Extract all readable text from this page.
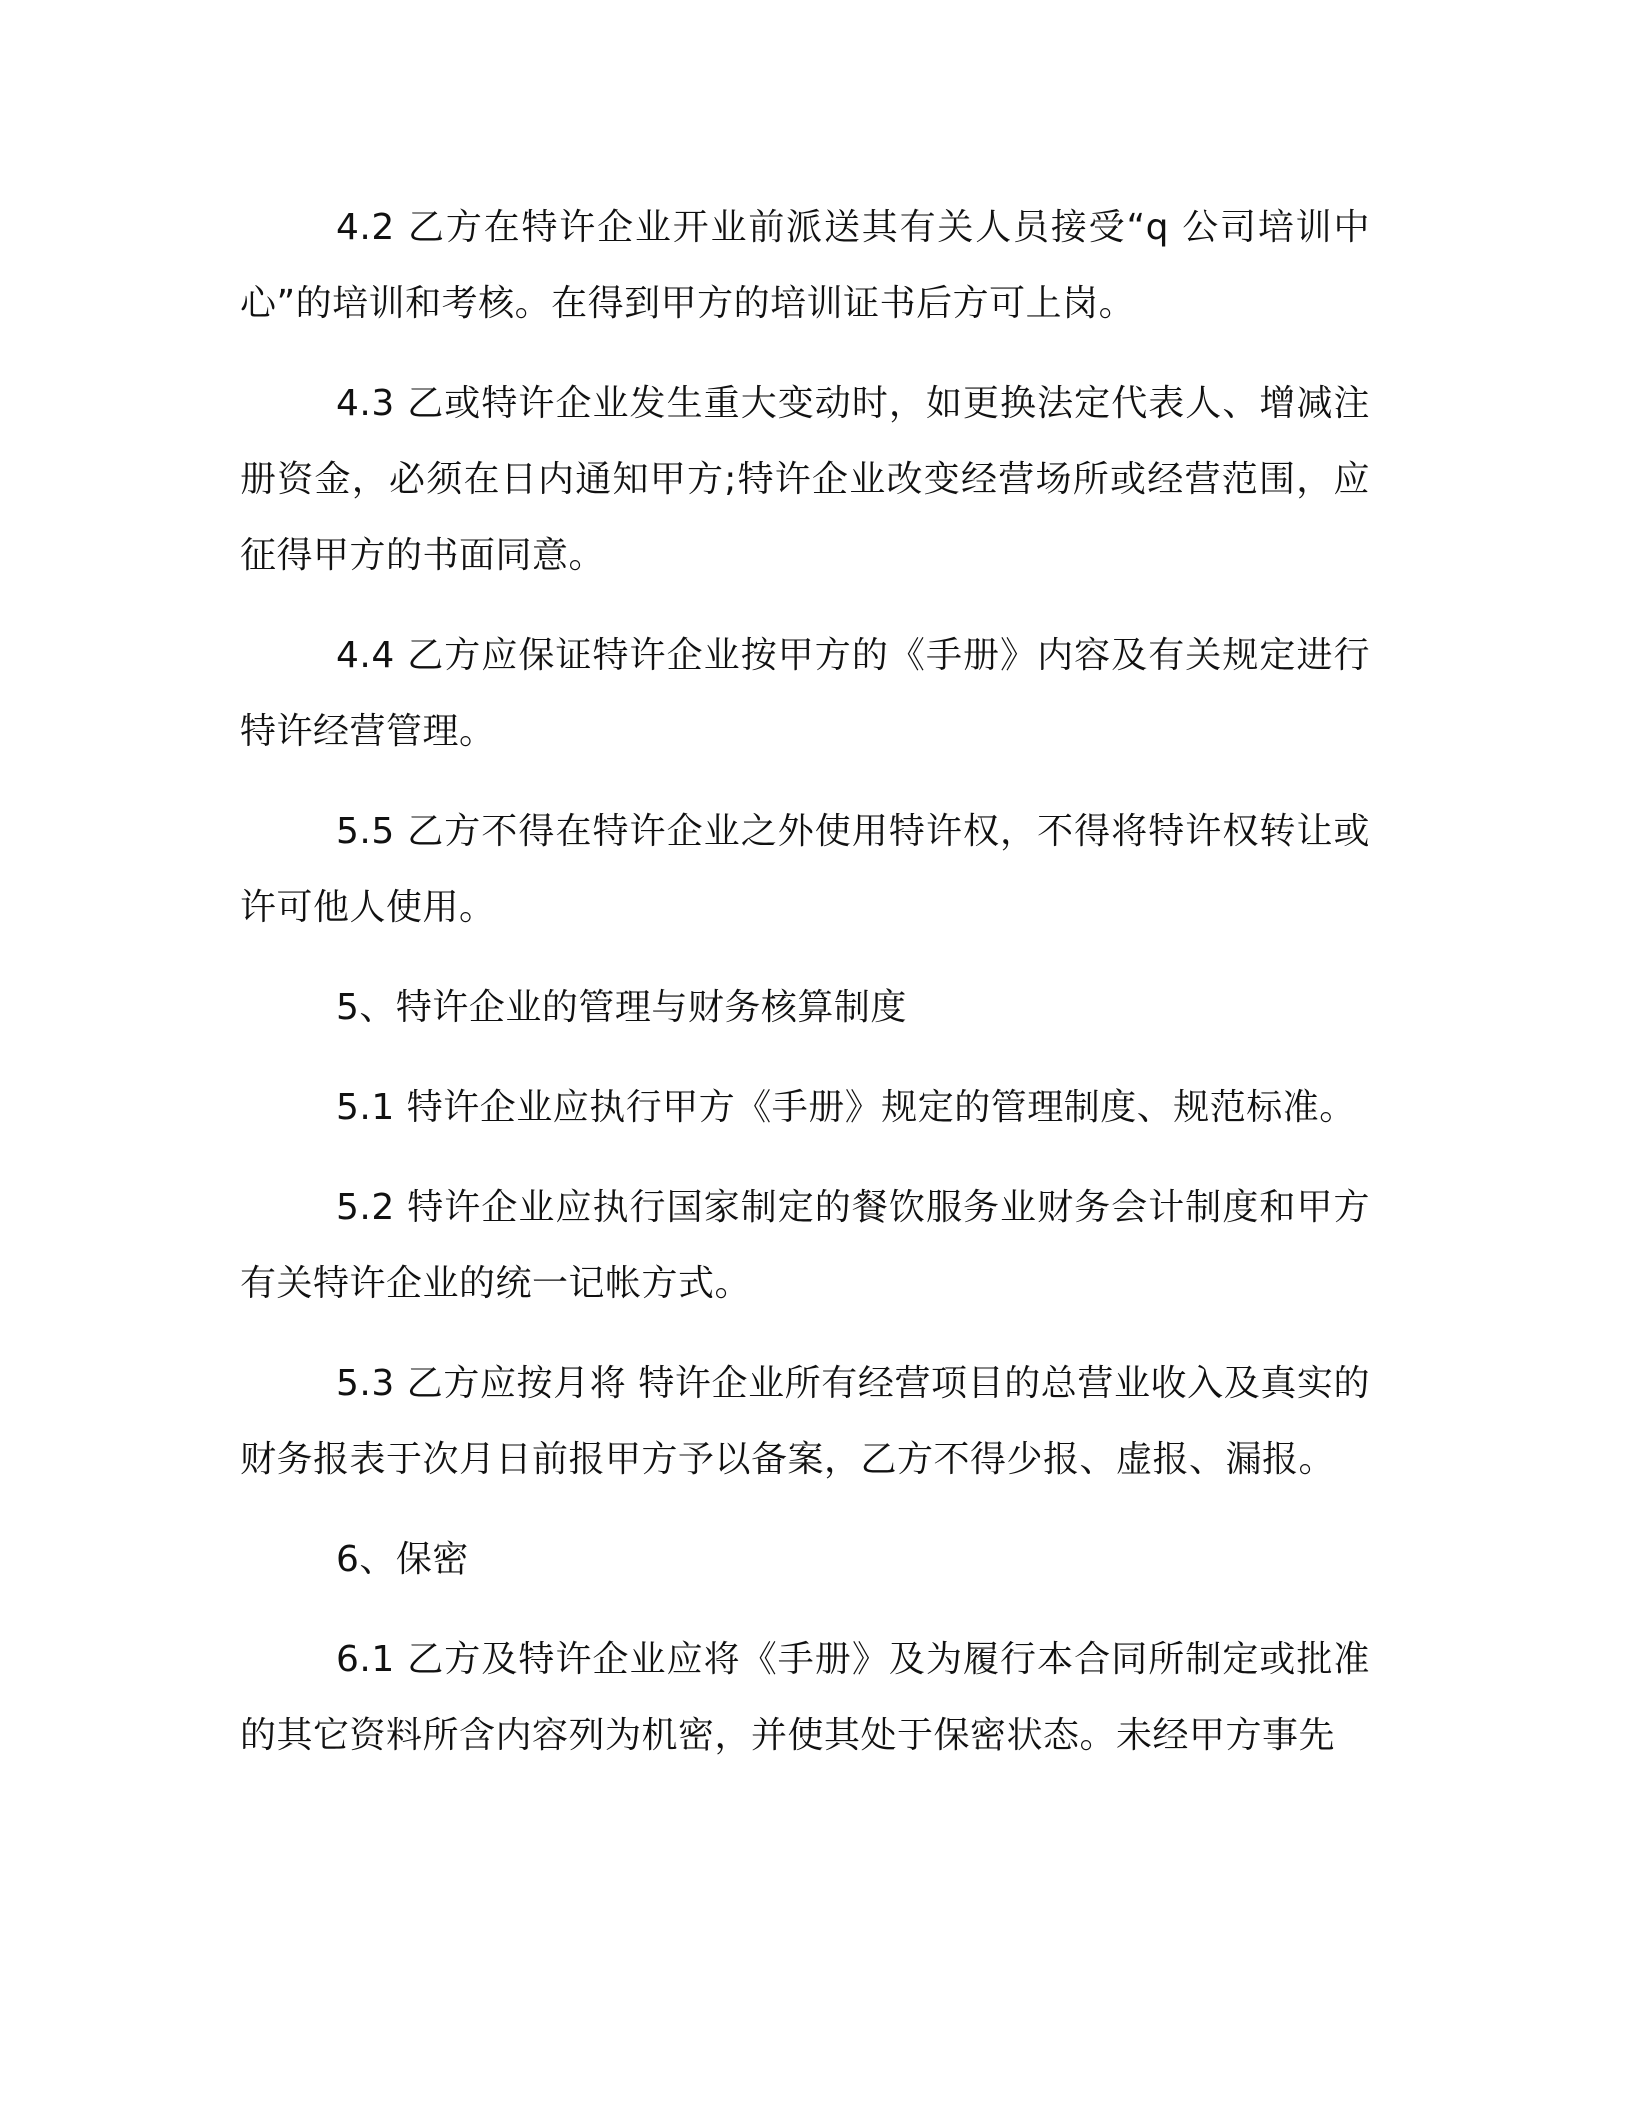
4.2 乙方在特许企业开业前派送其有关人员接受“q 公司培训中心”的培训和考核。在得到甲方的培训证书后方可上岗。

4.3 乙或特许企业发生重大变动时，如更换法定代表人、增减注册资金，必须在日内通知甲方;特许企业改变经营场所或经营范围，应征得甲方的书面同意。

4.4 乙方应保证特许企业按甲方的《手册》内容及有关规定进行特许经营管理。

5.5 乙方不得在特许企业之外使用特许权，不得将特许权转让或许可他人使用。

5、特许企业的管理与财务核算制度

5.1 特许企业应执行甲方《手册》规定的管理制度、规范标准。

5.2 特许企业应执行国家制定的餐饮服务业财务会计制度和甲方有关特许企业的统一记帐方式。

5.3 乙方应按月将 特许企业所有经营项目的总营业收入及真实的财务报表于次月日前报甲方予以备案，乙方不得少报、虚报、漏报。

6、保密

6.1 乙方及特许企业应将《手册》及为履行本合同所制定或批准的其它资料所含内容列为机密，并使其处于保密状态。未经甲方事先
